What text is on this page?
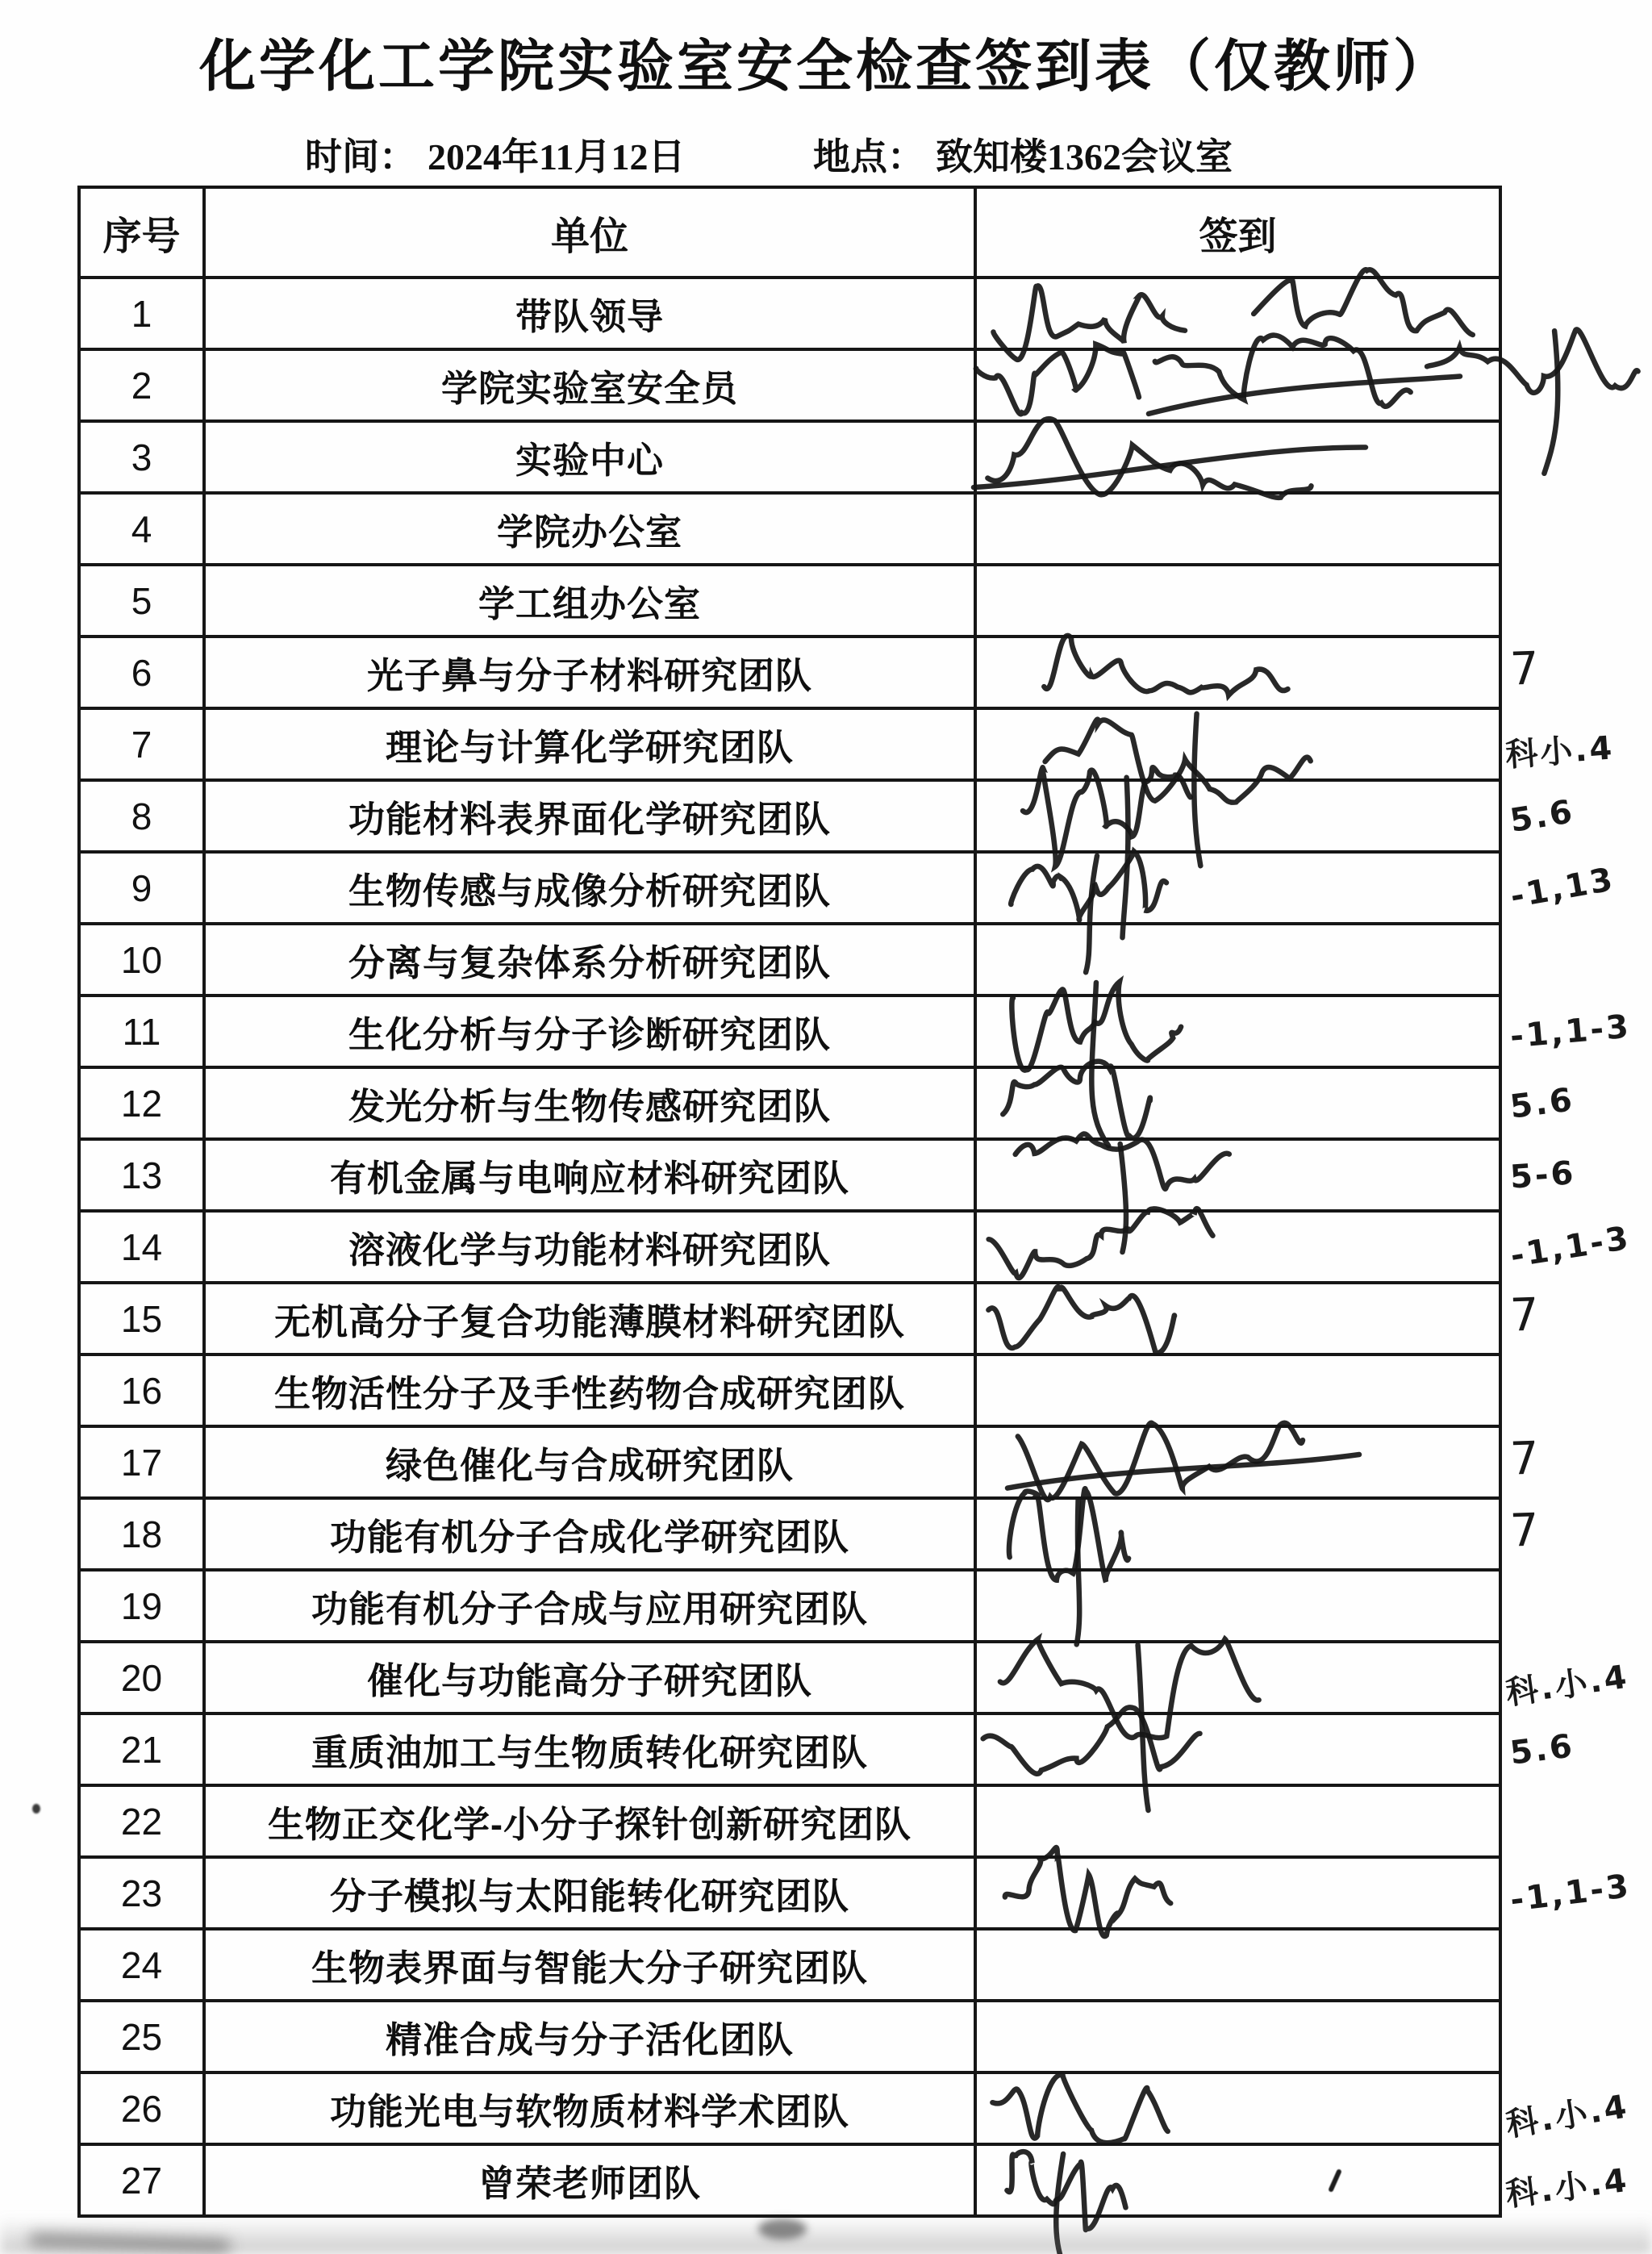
化学化工学院实验室安全检查签到表（仅教师）
时间： 2024年11月12日	地点： 致知楼1362会议室
序号	单位	签到
1	带队领导	
2	学院实验室安全员	
3	实验中心	
4	学院办公室	
5	学工组办公室	
6	光子鼻与分子材料研究团队	
7	理论与计算化学研究团队	
8	功能材料表界面化学研究团队	
9	生物传感与成像分析研究团队	
10	分离与复杂体系分析研究团队	
11	生化分析与分子诊断研究团队	
12	发光分析与生物传感研究团队	
13	有机金属与电响应材料研究团队	
14	溶液化学与功能材料研究团队	
15	无机高分子复合功能薄膜材料研究团队	
16	生物活性分子及手性药物合成研究团队	
17	绿色催化与合成研究团队	
18	功能有机分子合成化学研究团队	
19	功能有机分子合成与应用研究团队	
20	催化与功能高分子研究团队	
21	重质油加工与生物质转化研究团队	
22	生物正交化学-小分子探针创新研究团队	
23	分子模拟与太阳能转化研究团队	
24	生物表界面与智能大分子研究团队	
25	精准合成与分子活化团队	
26	功能光电与软物质材料学术团队	
27	曾荣老师团队	
7
科小.4
5.6
-1,13
-1,1-3
5.6
5-6
-1,1-3
7
7
7
科.小.4
5.6
-1,1-3
科.小.4
科.小.4
